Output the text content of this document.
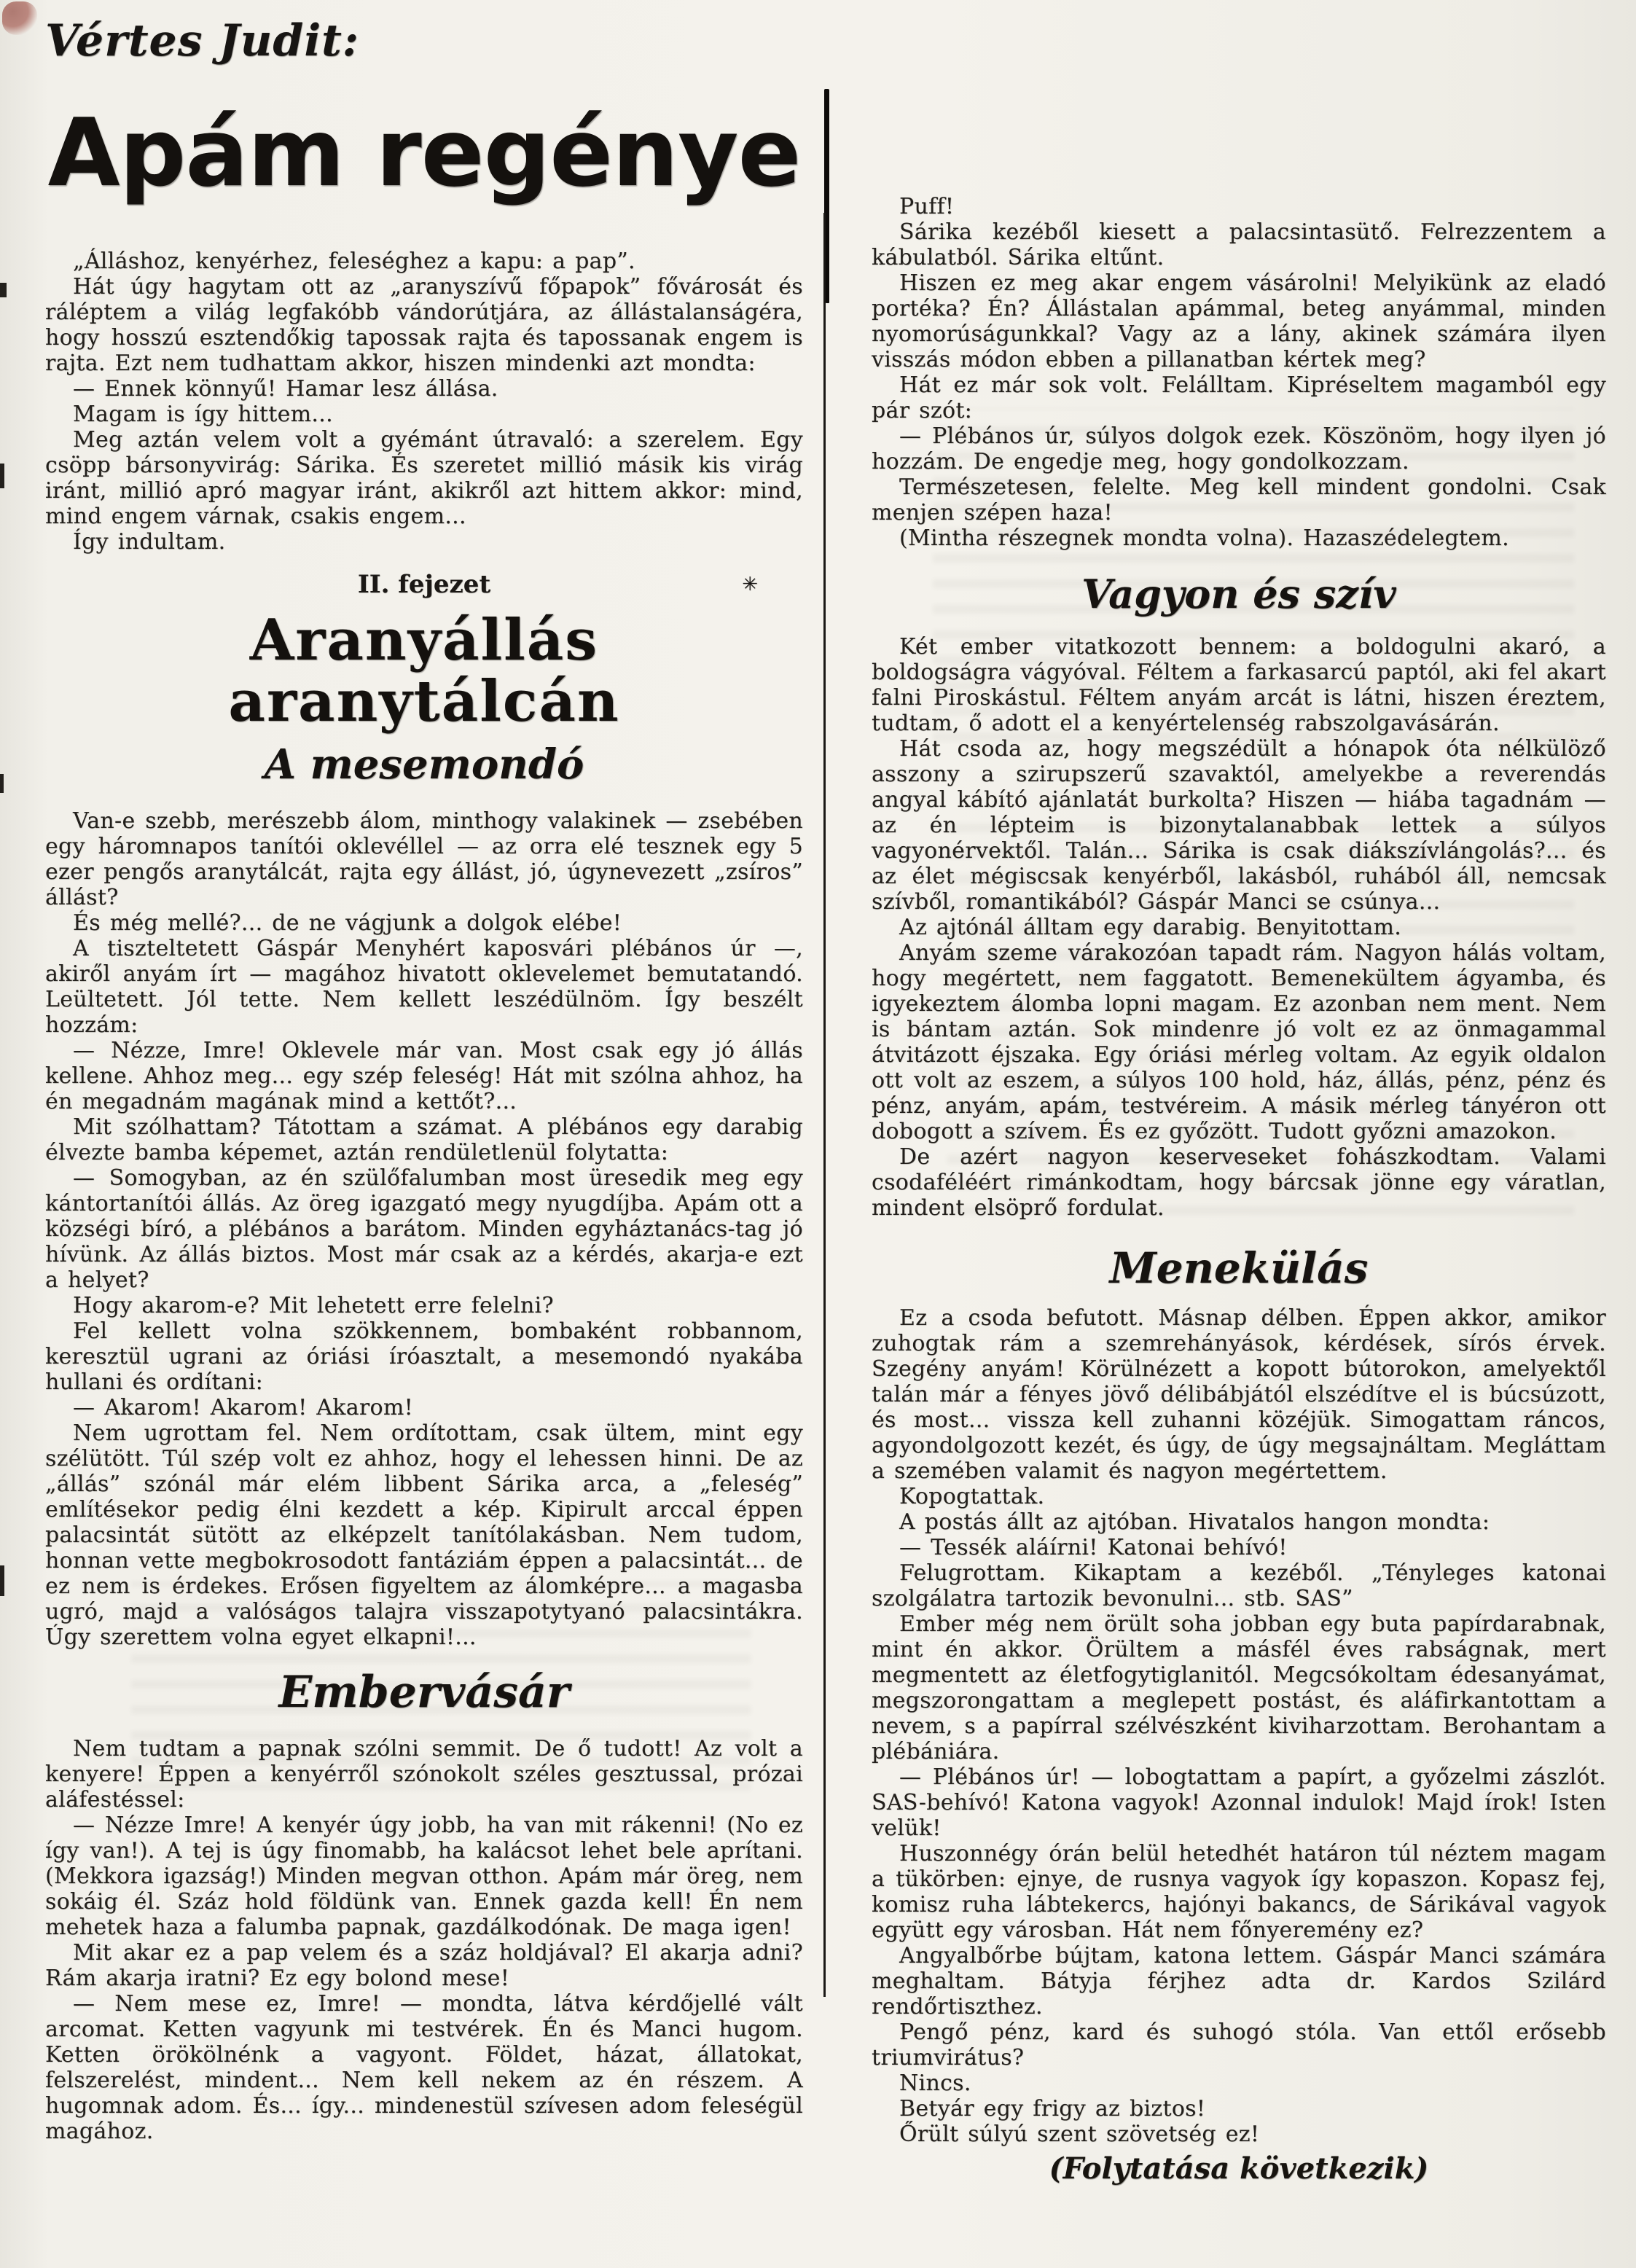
Vértes Judit:
Apám regénye

„Álláshoz, kenyérhez, feleséghez a kapu: a pap”.

Hát úgy hagytam ott az „aranyszívű főpapok” fővárosát és ráléptem a világ legfakóbb vándorútjára, az állástalanságéra, hogy hosszú esztendőkig tapossak rajta és tapossanak engem is rajta. Ezt nem tudhattam akkor, hiszen mindenki azt mondta:

— Ennek könnyű! Hamar lesz állása.

Magam is így hittem...

Meg aztán velem volt a gyémánt útravaló: a szerelem. Egy csöpp bársonyvirág: Sárika. És szeretet millió másik kis virág iránt, millió apró magyar iránt, akikről azt hittem akkor: mind, mind engem várnak, csakis engem...

Így indultam.

II. fejezet	✳
Aranyállás aranytálcán
A mesemondó

Van-e szebb, merészebb álom, minthogy valakinek — zsebében egy háromnapos tanítói oklevéllel — az orra elé tesznek egy 5 ezer pengős aranytálcát, rajta egy állást, jó, úgynevezett „zsíros” állást?

És még mellé?... de ne vágjunk a dolgok elébe!

A tiszteltetett Gáspár Menyhért kaposvári plébános úr —, akiről anyám írt — magához hivatott oklevelemet bemutatandó. Leültetett. Jól tette. Nem kellett leszédülnöm. Így beszélt hozzám:

— Nézze, Imre! Oklevele már van. Most csak egy jó állás kellene. Ahhoz meg... egy szép feleség! Hát mit szólna ahhoz, ha én megadnám magának mind a kettőt?...

Mit szólhattam? Tátottam a számat. A plébános egy darabig élvezte bamba képemet, aztán rendületlenül folytatta:

— Somogyban, az én szülőfalumban most üresedik meg egy kántortanítói állás. Az öreg igazgató megy nyugdíjba. Apám ott a községi bíró, a plébános a barátom. Minden egyháztanács-tag jó hívünk. Az állás biztos. Most már csak az a kérdés, akarja-e ezt a helyet?

Hogy akarom-e? Mit lehetett erre felelni?

Fel kellett volna szökkennem, bombaként robbannom, keresztül ugrani az óriási íróasztalt, a mesemondó nyakába hullani és ordítani:

— Akarom! Akarom! Akarom!

Nem ugrottam fel. Nem ordítottam, csak ültem, mint egy szélütött. Túl szép volt ez ahhoz, hogy el lehessen hinni. De az „állás” szónál már elém libbent Sárika arca, a „feleség” említésekor pedig élni kezdett a kép. Kipirult arccal éppen palacsintát sütött az elképzelt tanítólakásban. Nem tudom, honnan vette megbokrosodott fantáziám éppen a palacsintát... de ez nem is érdekes. Erősen figyeltem az álomképre... a magasba ugró, majd a valóságos talajra visszapotytyanó palacsintákra. Úgy szerettem volna egyet elkapni!...

Embervásár

Nem tudtam a papnak szólni semmit. De ő tudott! Az volt a kenyere! Éppen a kenyérről szónokolt széles gesztussal, prózai aláfestéssel:

— Nézze Imre! A kenyér úgy jobb, ha van mit rákenni! (No ez így van!). A tej is úgy finomabb, ha kalácsot lehet bele aprítani. (Mekkora igazság!) Minden megvan otthon. Apám már öreg, nem sokáig él. Száz hold földünk van. Ennek gazda kell! Én nem mehetek haza a falumba papnak, gazdálkodónak. De maga igen!

Mit akar ez a pap velem és a száz holdjával? El akarja adni? Rám akarja iratni? Ez egy bolond mese!

— Nem mese ez, Imre! — mondta, látva kérdőjellé vált arcomat. Ketten vagyunk mi testvérek. Én és Manci hugom. Ketten örökölnénk a vagyont. Földet, házat, állatokat, felszerelést, mindent... Nem kell nekem az én részem. A hugomnak adom. És... így... mindenestül szívesen adom feleségül magához.

Puff!

Sárika kezéből kiesett a palacsintasütő. Felrezzentem a kábulatból. Sárika eltűnt.

Hiszen ez meg akar engem vásárolni! Melyikünk az eladó portéka? Én? Állástalan apámmal, beteg anyámmal, minden nyomorúságunkkal? Vagy az a lány, akinek számára ilyen visszás módon ebben a pillanatban kértek meg?

Hát ez már sok volt. Felálltam. Kipréseltem magamból egy pár szót:

— Plébános úr, súlyos dolgok ezek. Köszönöm, hogy ilyen jó hozzám. De engedje meg, hogy gondolkozzam.

Természetesen, felelte. Meg kell mindent gondolni. Csak menjen szépen haza!

(Mintha részegnek mondta volna). Hazaszédelegtem.

Vagyon és szív

Két ember vitatkozott bennem: a boldogulni akaró, a boldogságra vágyóval. Féltem a farkasarcú paptól, aki fel akart falni Piroskástul. Féltem anyám arcát is látni, hiszen éreztem, tudtam, ő adott el a kenyértelenség rabszolgavásárán.

Hát csoda az, hogy megszédült a hónapok óta nélkülöző asszony a szirupszerű szavaktól, amelyekbe a reverendás angyal kábító ajánlatát burkolta? Hiszen — hiába tagadnám — az én lépteim is bizonytalanabbak lettek a súlyos vagyonérvektől. Talán... Sárika is csak diákszívlángolás?... és az élet mégiscsak kenyérből, lakásból, ruhából áll, nemcsak szívből, romantikából? Gáspár Manci se csúnya...

Az ajtónál álltam egy darabig. Benyitottam.

Anyám szeme várakozóan tapadt rám. Nagyon hálás voltam, hogy megértett, nem faggatott. Bemenekültem ágyamba, és igyekeztem álomba lopni magam. Ez azonban nem ment. Nem is bántam aztán. Sok mindenre jó volt ez az önmagammal átvitázott éjszaka. Egy óriási mérleg voltam. Az egyik oldalon ott volt az eszem, a súlyos 100 hold, ház, állás, pénz, pénz és pénz, anyám, apám, testvéreim. A másik mérleg tányéron ott dobogott a szívem. És ez győzött. Tudott győzni amazokon.

De azért nagyon keserveseket fohászkodtam. Valami csodaféléért rimánkodtam, hogy bárcsak jönne egy váratlan, mindent elsöprő fordulat.

Menekülás

Ez a csoda befutott. Másnap délben. Éppen akkor, amikor zuhogtak rám a szemrehányások, kérdések, sírós érvek. Szegény anyám! Körülnézett a kopott bútorokon, amelyektől talán már a fényes jövő délibábjától elszédítve el is búcsúzott, és most... vissza kell zuhanni közéjük. Simogattam ráncos, agyondolgozott kezét, és úgy, de úgy megsajnáltam. Megláttam a szemében valamit és nagyon megértettem.

Kopogtattak.

A postás állt az ajtóban. Hivatalos hangon mondta:

— Tessék aláírni! Katonai behívó!

Felugrottam. Kikaptam a kezéből. „Tényleges katonai szolgálatra tartozik bevonulni... stb. SAS”

Ember még nem örült soha jobban egy buta papírdarabnak, mint én akkor. Örültem a másfél éves rabságnak, mert megmentett az életfogytiglanitól. Megcsókoltam édesanyámat, megszorongattam a meglepett postást, és aláfirkantottam a nevem, s a papírral szélvészként kiviharzottam. Berohantam a plébániára.

— Plébános úr! — lobogtattam a papírt, a győzelmi zászlót. SAS-behívó! Katona vagyok! Azonnal indulok! Majd írok! Isten velük!

Huszonnégy órán belül hetedhét határon túl néztem magam a tükörben: ejnye, de rusnya vagyok így kopaszon. Kopasz fej, komisz ruha lábtekercs, hajónyi bakancs, de Sárikával vagyok együtt egy városban. Hát nem főnyeremény ez?

Angyalbőrbe bújtam, katona lettem. Gáspár Manci számára meghaltam. Bátyja férjhez adta dr. Kardos Szilárd rendőrtiszthez.

Pengő pénz, kard és suhogó stóla. Van ettől erősebb triumvirátus?

Nincs.

Betyár egy frigy az biztos!

Őrült súlyú szent szövetség ez!

(Folytatása következik)
